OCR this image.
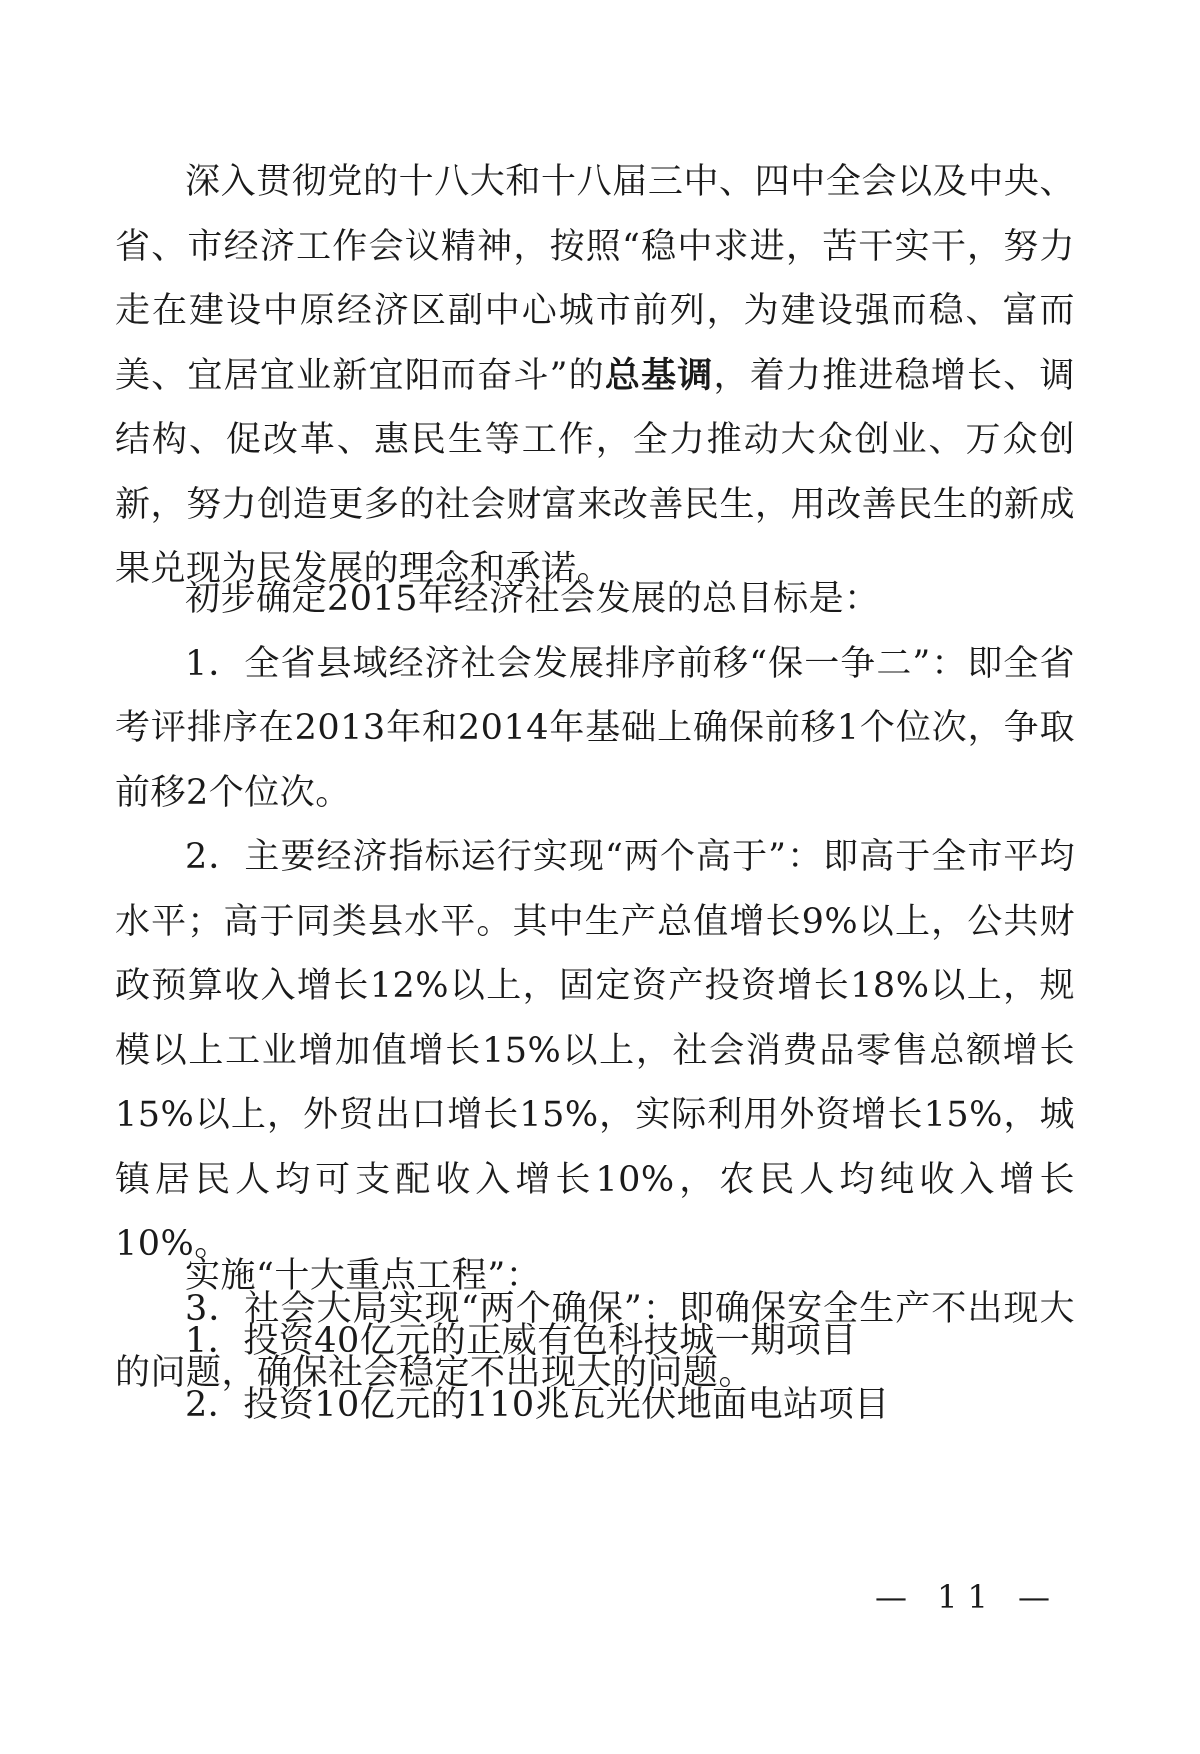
深入贯彻党的十八大和十八届三中、四中全会以及中央、省、市经济工作会议精神，按照“稳中求进，苦干实干，努力走在建设中原经济区副中心城市前列，为建设强而稳、富而美、宜居宜业新宜阳而奋斗”的总基调，着力推进稳增长、调结构、促改革、惠民生等工作，全力推动大众创业、万众创新，努力创造更多的社会财富来改善民生，用改善民生的新成果兑现为民发展的理念和承诺。

初步确定2015年经济社会发展的总目标是：

1．全省县域经济社会发展排序前移“保一争二”：即全省考评排序在2013年和2014年基础上确保前移1个位次，争取前移2个位次。

2．主要经济指标运行实现“两个高于”：即高于全市平均水平；高于同类县水平。其中生产总值增长9%以上，公共财政预算收入增长12%以上，固定资产投资增长18%以上，规模以上工业增加值增长15%以上，社会消费品零售总额增长15%以上，外贸出口增长15%，实际利用外资增长15%，城镇居民人均可支配收入增长10%，农民人均纯收入增长10%。

3．社会大局实现“两个确保”：即确保安全生产不出现大的问题，确保社会稳定不出现大的问题。

实施“十大重点工程”：

1．投资40亿元的正威有色科技城一期项目

2．投资10亿元的110兆瓦光伏地面电站项目

— 11 —
